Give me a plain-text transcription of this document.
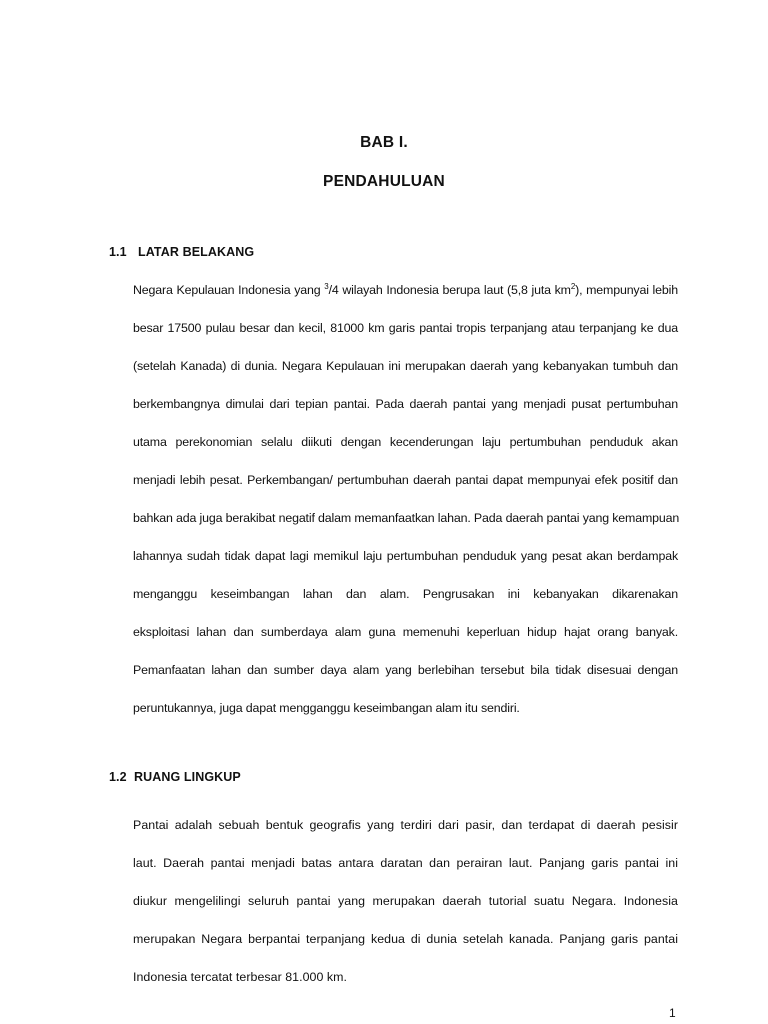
BAB I.
PENDAHULUAN
1.1 LATAR BELAKANG
Negara Kepulauan Indonesia yang $^3$/4 wilayah Indonesia berupa laut (5,8 juta $km^2$), mempunyai lebih
besar 17500 pulau besar dan kecil, 81000 km garis pantai tropis terpanjang atau terpanjang ke dua
(setelah Kanada) di dunia. Negara Kepulauan ini merupakan daerah yang kebanyakan tumbuh dan
berkembangnya dimulai dari tepian pantai. Pada daerah pantai yang menjadi pusat pertumbuhan
utama perekonomian selalu diikuti dengan kecenderungan laju pertumbuhan penduduk akan
menjadi lebih pesat. Perkembangan/ pertumbuhan daerah pantai dapat mempunyai efek positif dan
bahkan ada juga berakibat negatif dalam memanfaatkan lahan. Pada daerah pantai yang kemampuan
lahannya sudah tidak dapat lagi memikul laju pertumbuhan penduduk yang pesat akan berdampak
menganggu keseimbangan lahan dan alam. Pengrusakan ini kebanyakan dikarenakan
eksploitasi lahan dan sumberdaya alam guna memenuhi keperluan hidup hajat orang banyak.
Pemanfaatan lahan dan sumber daya alam yang berlebihan tersebut bila tidak disesuai dengan
peruntukannya, juga dapat mengganggu keseimbangan alam itu sendiri.
1.2 RUANG LINGKUP
Pantai adalah sebuah bentuk geografis yang terdiri dari pasir, dan terdapat di daerah pesisir
laut. Daerah pantai menjadi batas antara daratan dan perairan laut. Panjang garis pantai ini
diukur mengelilingi seluruh pantai yang merupakan daerah tutorial suatu Negara. Indonesia
merupakan Negara berpantai terpanjang kedua di dunia setelah kanada. Panjang garis pantai
Indonesia tercatat terbesar 81.000 km.
1
